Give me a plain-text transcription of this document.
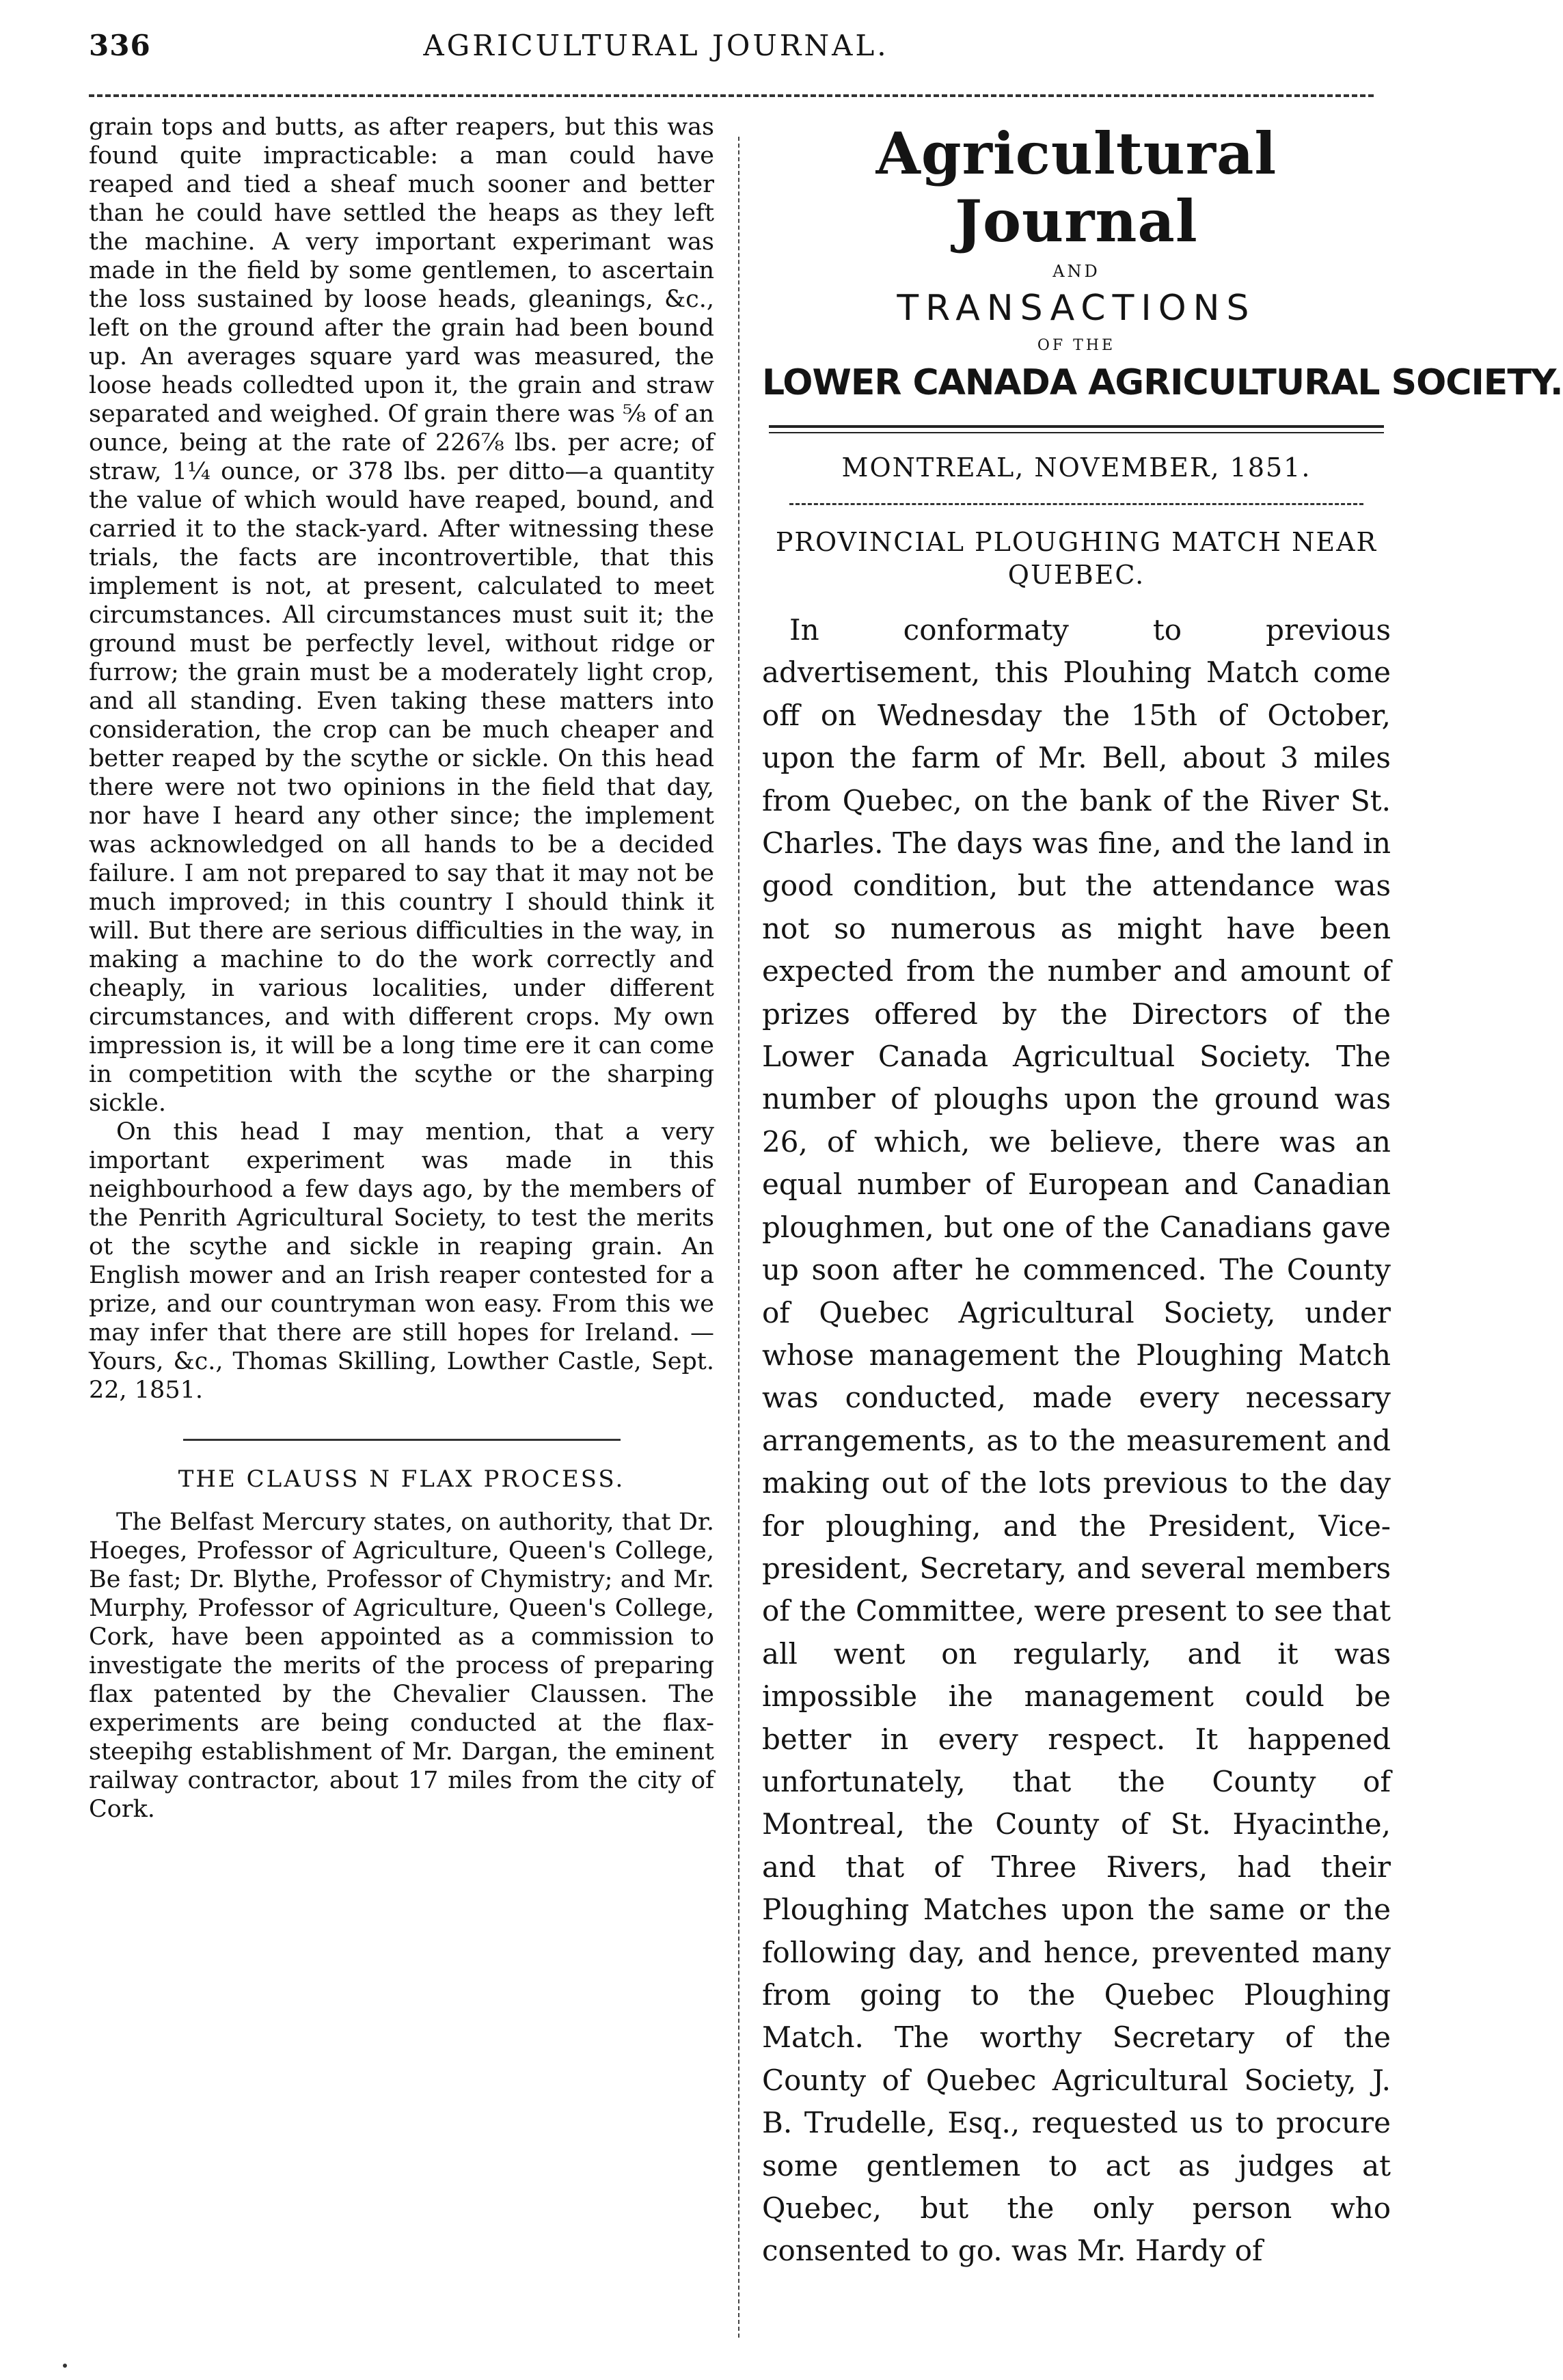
336	AGRICULTURAL JOURNAL.

grain tops and butts, as after reapers, but this was found quite impracticable: a man could have reaped and tied a sheaf much sooner and better than he could have settled the heaps as they left the machine. A very important experimant was made in the field by some gentlemen, to ascertain the loss sustained by loose heads, gleanings, &c., left on the ground after the grain had been bound up. An averages square yard was measured, the loose heads colledted upon it, the grain and straw separated and weighed. Of grain there was ⅝ of an ounce, being at the rate of 226⅞ lbs. per acre; of straw, 1¼ ounce, or 378 lbs. per ditto—a quantity the value of which would have reaped, bound, and carried it to the stack-yard. After witnessing these trials, the facts are incontrovertible, that this implement is not, at present, calculated to meet circumstances. All circumstances must suit it; the ground must be perfectly level, without ridge or furrow; the grain must be a moderately light crop, and all standing. Even taking these matters into consideration, the crop can be much cheaper and better reaped by the scythe or sickle. On this head there were not two opinions in the field that day, nor have I heard any other since; the implement was acknowledged on all hands to be a decided failure. I am not prepared to say that it may not be much improved; in this country I should think it will. But there are serious difficulties in the way, in making a machine to do the work correctly and cheaply, in various localities, under different circumstances, and with different crops. My own impression is, it will be a long time ere it can come in competition with the scythe or the sharping sickle.

On this head I may mention, that a very important experiment was made in this neighbourhood a few days ago, by the members of the Penrith Agricultural Society, to test the merits ot the scythe and sickle in reaping grain. An English mower and an Irish reaper contested for a prize, and our countryman won easy. From this we may infer that there are still hopes for Ireland. —Yours, &c., Thomas Skilling, Lowther Castle, Sept. 22, 1851.

THE CLAUSS N FLAX PROCESS.

The Belfast Mercury states, on authority, that Dr. Hoeges, Professor of Agriculture, Queen's College, Be fast; Dr. Blythe, Professor of Chymistry; and Mr. Murphy, Professor of Agriculture, Queen's College, Cork, have been appointed as a commission to investigate the merits of the process of preparing flax patented by the Chevalier Claussen. The experiments are being conducted at the flax-steepihg establishment of Mr. Dargan, the eminent railway contractor, about 17 miles from the city of Cork.

Agricultural Journal
AND
TRANSACTIONS
OF THE
LOWER CANADA AGRICULTURAL SOCIETY.
MONTREAL, NOVEMBER, 1851.
PROVINCIAL PLOUGHING MATCH NEAR QUEBEC.

In conformaty to previous advertisement, this Plouhing Match come off on Wednesday the 15th of October, upon the farm of Mr. Bell, about 3 miles from Quebec, on the bank of the River St. Charles. The days was fine, and the land in good condition, but the attendance was not so numerous as might have been expected from the number and amount of prizes offered by the Directors of the Lower Canada Agricultual Society. The number of ploughs upon the ground was 26, of which, we believe, there was an equal number of European and Canadian ploughmen, but one of the Canadians gave up soon after he commenced. The County of Quebec Agricultural Society, under whose management the Ploughing Match was conducted, made every necessary arrangements, as to the measurement and making out of the lots previous to the day for ploughing, and the President, Vice-president, Secretary, and several members of the Committee, were present to see that all went on regularly, and it was impossible ihe management could be better in every respect. It happened unfortunately, that the County of Montreal, the County of St. Hyacinthe, and that of Three Rivers, had their Ploughing Matches upon the same or the following day, and hence, prevented many from going to the Quebec Ploughing Match. The worthy Secretary of the County of Quebec Agricultural Society, J. B. Trudelle, Esq., requested us to procure some gentlemen to act as judges at Quebec, but the only person who consented to go. was Mr. Hardy of
